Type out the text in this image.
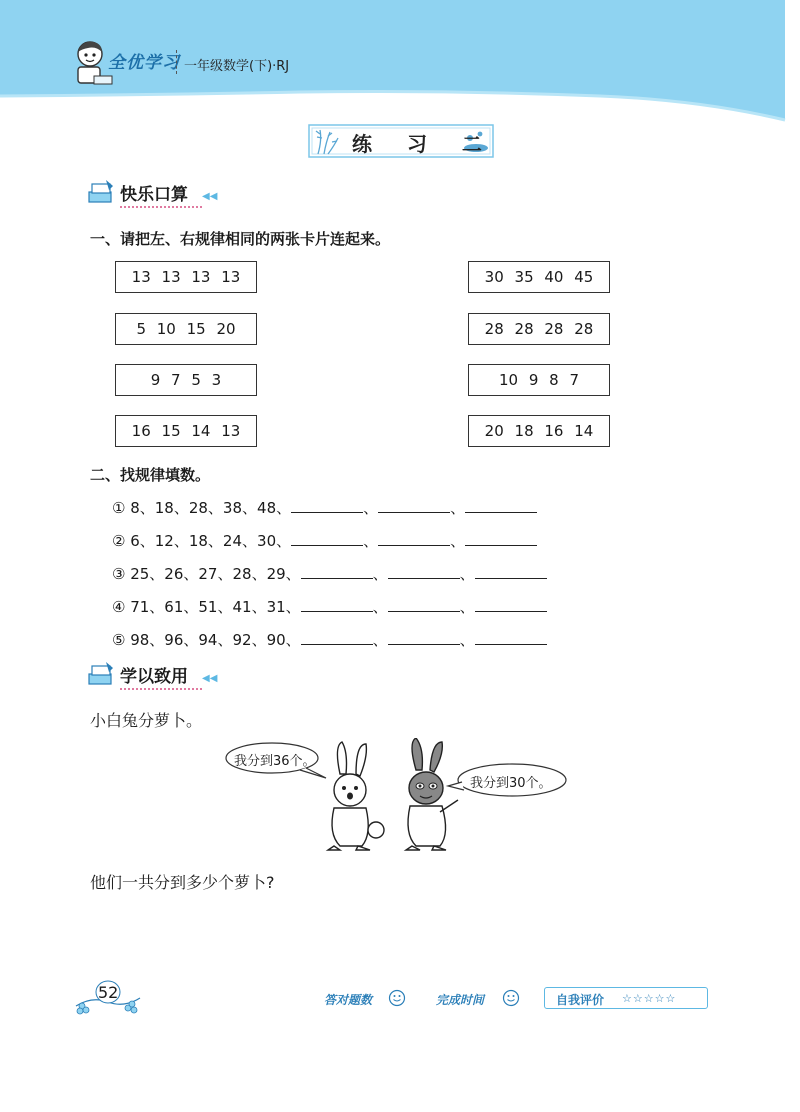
全优学习 一年级数学(下)·RJ
练 习 二
快乐口算 ◀◀
一、请把左、右规律相同的两张卡片连起来。
13 13 13 13
5 10 15 20
9 7 5 3
16 15 14 13
30 35 40 45
28 28 28 28
10 9 8 7
20 18 16 14
二、找规律填数。
① 8、18、28、38、48、	、	、
② 6、12、18、24、30、	、	、
③ 25、26、27、28、29、	、	、
④ 71、61、51、41、31、	、	、
⑤ 98、96、94、92、90、	、	、
学以致用 ◀◀
小白兔分萝卜。
我分到36个。
我分到30个。
他们一共分到多少个萝卜?
52	答对题数	完成时间	自我评价 ☆☆☆☆☆
